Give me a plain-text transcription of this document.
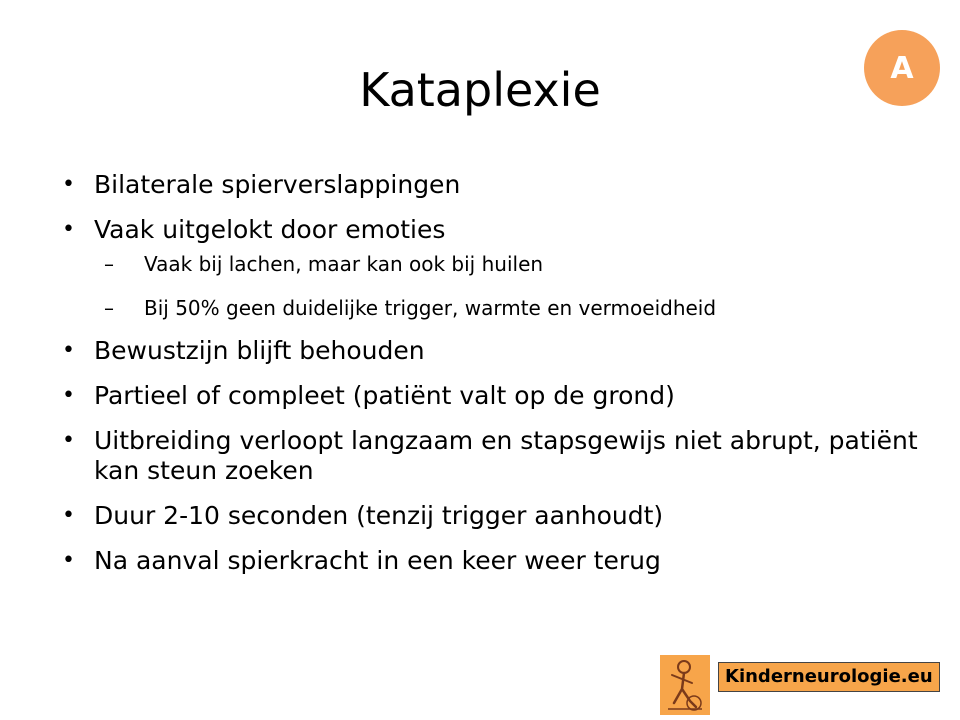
Kataplexie	A
• Bilaterale spierverslappingen
• Vaak uitgelokt door emoties
– Vaak bij lachen, maar kan ook bij huilen
– Bij 50% geen duidelijke trigger, warmte en vermoeidheid
• Bewustzijn blijft behouden
• Partieel of compleet (patiënt valt op de grond)
• Uitbreiding verloopt langzaam en stapsgewijs niet abrupt, patiënt kan steun zoeken
• Duur 2-10 seconden (tenzij trigger aanhoudt)
• Na aanval spierkracht in een keer weer terug
Kinderneurologie.eu
